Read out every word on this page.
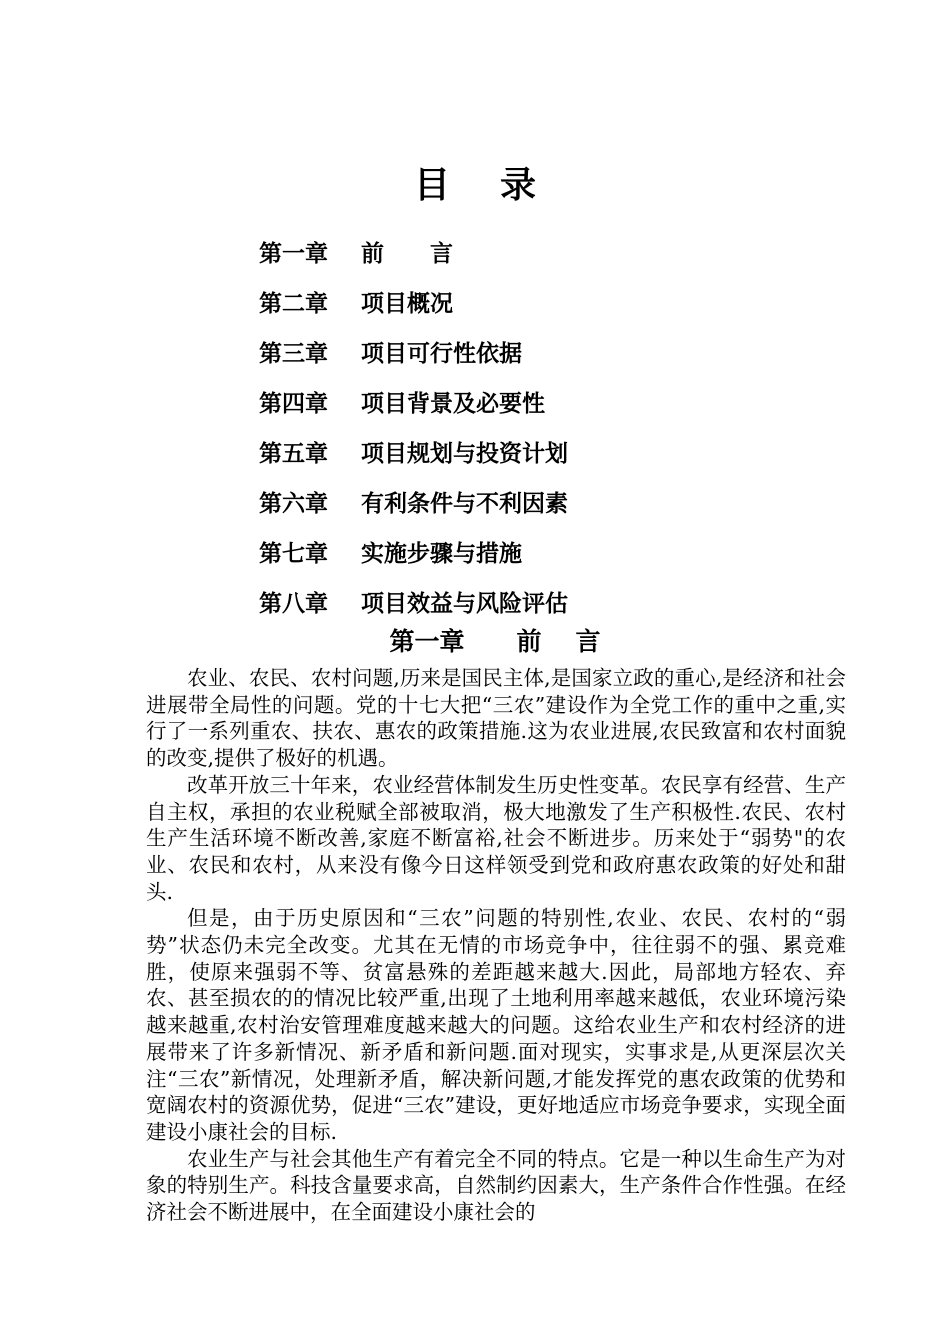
目录
第一章	前　　言
第二章	项目概况
第三章	项目可行性依据
第四章	项目背景及必要性
第五章	项目规划与投资计划
第六章	有利条件与不利因素
第七章	实施步骤与措施
第八章	项目效益与风险评估
第一章 前 言

农业、农民、农村问题,历来是国民主体,是国家立政的重心,是经济和社会进展带全局性的问题。党的十七大把“三农”建设作为全党工作的重中之重,实行了一系列重农、扶农、惠农的政策措施.这为农业进展,农民致富和农村面貌的改变,提供了极好的机遇。

改革开放三十年来，农业经营体制发生历史性变革。农民享有经营、生产自主权，承担的农业税赋全部被取消，极大地激发了生产积极性.农民、农村生产生活环境不断改善,家庭不断富裕,社会不断进步。历来处于“弱势"的农业、农民和农村，从来没有像今日这样领受到党和政府惠农政策的好处和甜头.

但是，由于历史原因和“三农”问题的特别性,农业、农民、农村的“弱势”状态仍未完全改变。尤其在无情的市场竞争中，往往弱不的强、累竞难胜，使原来强弱不等、贫富悬殊的差距越来越大.因此，局部地方轻农、弃农、甚至损农的的情况比较严重,出现了土地利用率越来越低，农业环境污染越来越重,农村治安管理难度越来越大的问题。这给农业生产和农村经济的进展带来了许多新情况、新矛盾和新问题.面对现实，实事求是,从更深层次关注“三农”新情况，处理新矛盾，解决新问题,才能发挥党的惠农政策的优势和宽阔农村的资源优势，促进“三农”建设，更好地适应市场竞争要求，实现全面建设小康社会的目标.

农业生产与社会其他生产有着完全不同的特点。它是一种以生命生产为对象的特别生产。科技含量要求高，自然制约因素大，生产条件合作性强。在经济社会不断进展中，在全面建设小康社会的
